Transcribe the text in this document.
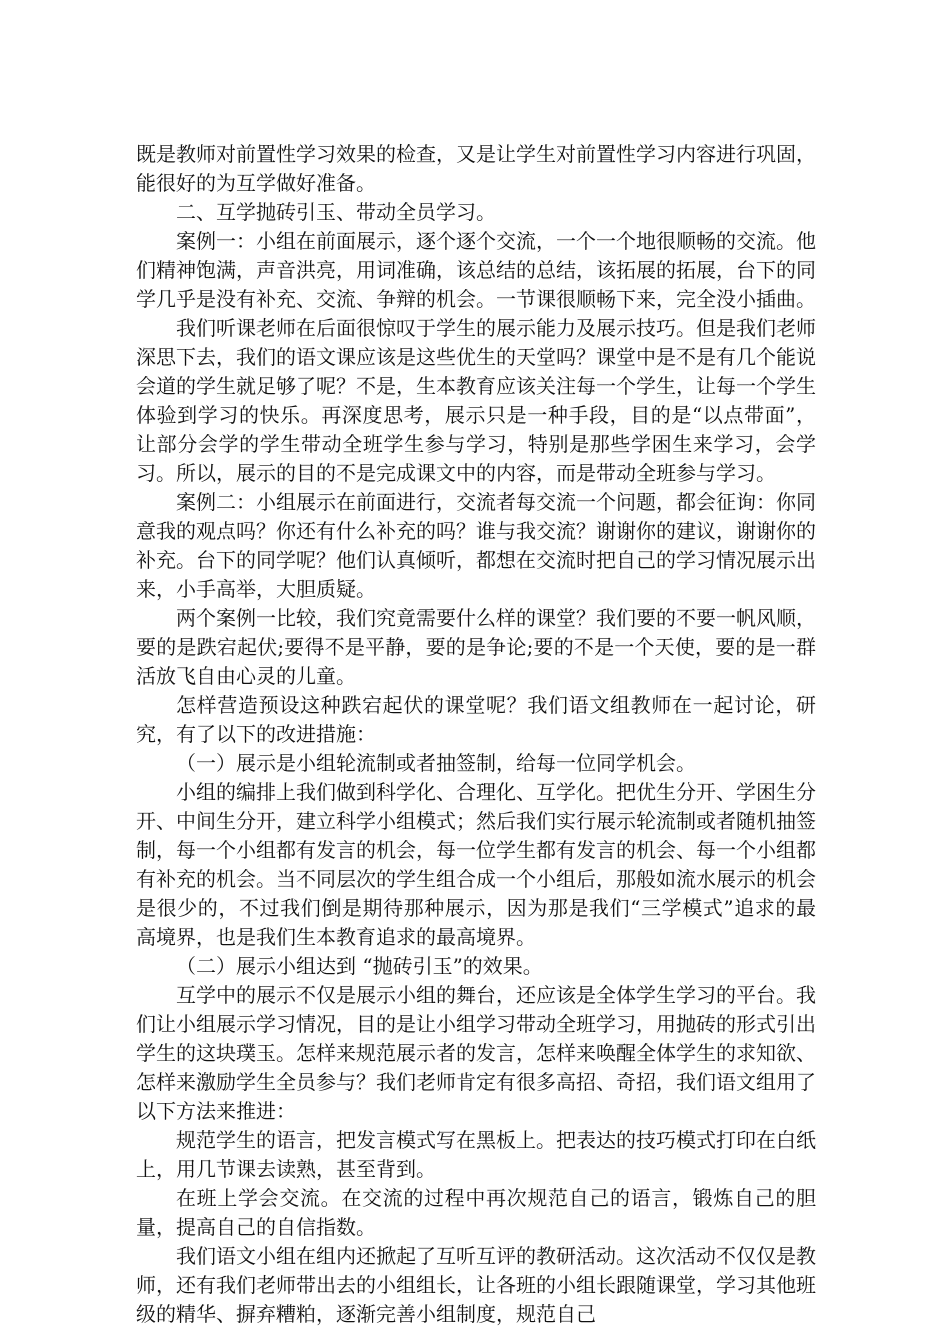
既是教师对前置性学习效果的检查，又是让学生对前置性学习内容进行巩固，能很好的为互学做好准备。

二、互学抛砖引玉、带动全员学习。

案例一：小组在前面展示，逐个逐个交流，一个一个地很顺畅的交流。他们精神饱满，声音洪亮，用词准确，该总结的总结，该拓展的拓展，台下的同学几乎是没有补充、交流、争辩的机会。一节课很顺畅下来，完全没小插曲。

我们听课老师在后面很惊叹于学生的展示能力及展示技巧。但是我们老师深思下去，我们的语文课应该是这些优生的天堂吗？课堂中是不是有几个能说会道的学生就足够了呢？不是，生本教育应该关注每一个学生，让每一个学生体验到学习的快乐。再深度思考，展示只是一种手段，目的是“以点带面”，让部分会学的学生带动全班学生参与学习，特别是那些学困生来学习，会学习。所以，展示的目的不是完成课文中的内容，而是带动全班参与学习。

案例二：小组展示在前面进行，交流者每交流一个问题，都会征询：你同意我的观点吗？你还有什么补充的吗？谁与我交流？谢谢你的建议，谢谢你的补充。台下的同学呢？他们认真倾听，都想在交流时把自己的学习情况展示出来，小手高举，大胆质疑。

两个案例一比较，我们究竟需要什么样的课堂？我们要的不要一帆风顺，要的是跌宕起伏;要得不是平静，要的是争论;要的不是一个天使，要的是一群活放飞自由心灵的儿童。

怎样营造预设这种跌宕起伏的课堂呢？我们语文组教师在一起讨论，研究，有了以下的改进措施：

（一）展示是小组轮流制或者抽签制，给每一位同学机会。

小组的编排上我们做到科学化、合理化、互学化。把优生分开、学困生分开、中间生分开，建立科学小组模式；然后我们实行展示轮流制或者随机抽签制，每一个小组都有发言的机会，每一位学生都有发言的机会、每一个小组都有补充的机会。当不同层次的学生组合成一个小组后，那般如流水展示的机会是很少的，不过我们倒是期待那种展示，因为那是我们“三学模式”追求的最高境界，也是我们生本教育追求的最高境界。

（二）展示小组达到 “抛砖引玉”的效果。

互学中的展示不仅是展示小组的舞台，还应该是全体学生学习的平台。我们让小组展示学习情况，目的是让小组学习带动全班学习，用抛砖的形式引出学生的这块璞玉。怎样来规范展示者的发言，怎样来唤醒全体学生的求知欲、怎样来激励学生全员参与？我们老师肯定有很多高招、奇招，我们语文组用了以下方法来推进：

规范学生的语言，把发言模式写在黑板上。把表达的技巧模式打印在白纸上，用几节课去读熟，甚至背到。

在班上学会交流。在交流的过程中再次规范自己的语言，锻炼自己的胆量，提高自己的自信指数。

我们语文小组在组内还掀起了互听互评的教研活动。这次活动不仅仅是教师，还有我们老师带出去的小组组长，让各班的小组长跟随课堂，学习其他班级的精华、摒弃糟粕，逐渐完善小组制度，规范自己
